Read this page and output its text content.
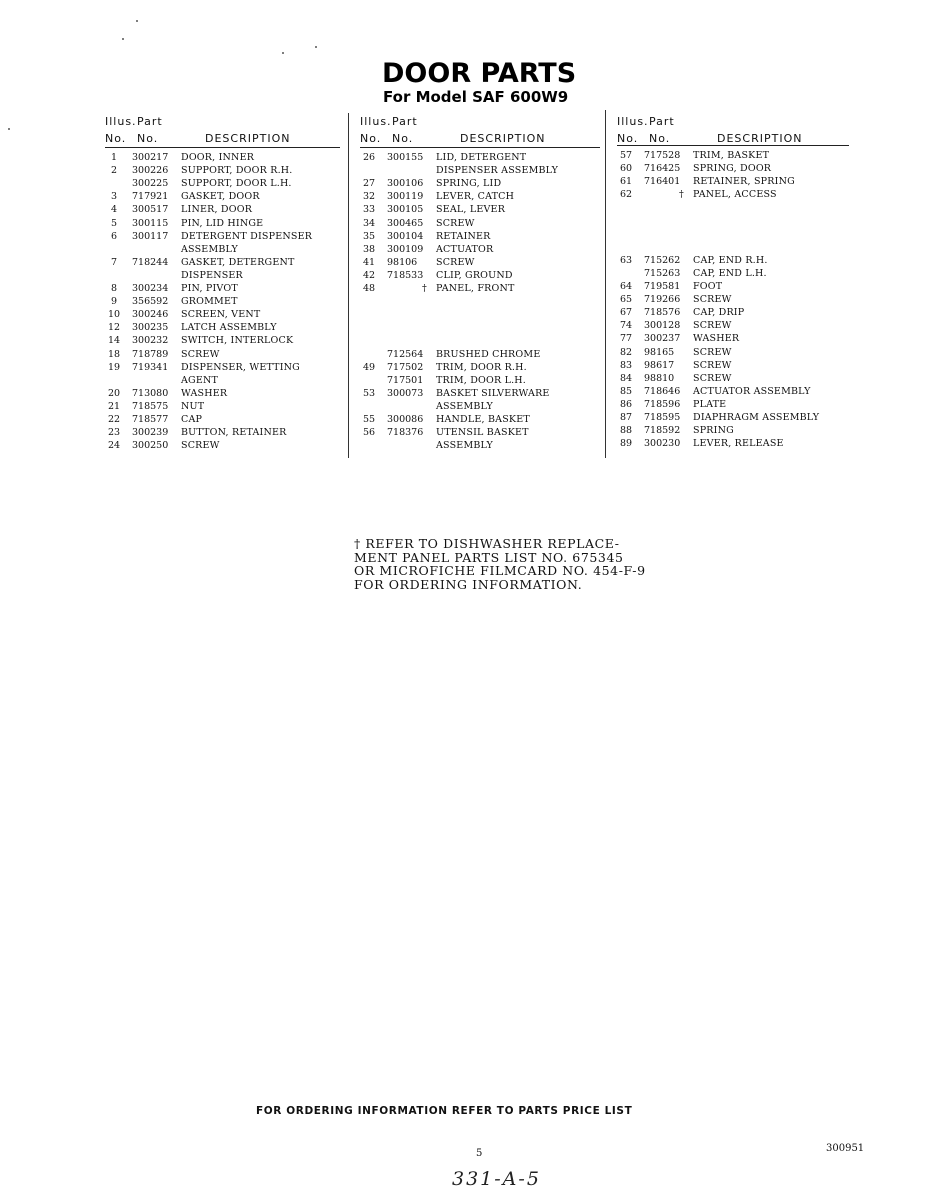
DOOR PARTS
For Model SAF 600W9
Illus. Part
No. No.	DESCRIPTION
1	300217 DOOR, INNER
2	300226 SUPPORT, DOOR R.H.
300225 SUPPORT, DOOR L.H.
3	717921 GASKET, DOOR
4	300517 LINER, DOOR
5	300115 PIN, LID HINGE
6	300117 DETERGENT DISPENSER
ASSEMBLY
7	718244 GASKET, DETERGENT
DISPENSER
8	300234 PIN, PIVOT
9	356592 GROMMET
10	300246 SCREEN, VENT
12	300235 LATCH ASSEMBLY
14	300232 SWITCH, INTERLOCK
18	718789 SCREW
19	719341 DISPENSER, WETTING
AGENT
20	713080 WASHER
21	718575 NUT
22	718577 CAP
23	300239 BUTTON, RETAINER
24	300250 SCREW
Illus. Part
No. No.	DESCRIPTION
26	300155 LID, DETERGENT
DISPENSER ASSEMBLY
27	300106 SPRING, LID
32	300119 LEVER, CATCH
33	300105 SEAL, LEVER
34	300465 SCREW
35	300104 RETAINER
38	300109 ACTUATOR
41	98106 SCREW
42	718533 CLIP, GROUND
48	† PANEL, FRONT
712564 BRUSHED CHROME
49	717502 TRIM, DOOR R.H.
717501 TRIM, DOOR L.H.
53	300073 BASKET SILVERWARE
ASSEMBLY
55	300086 HANDLE, BASKET
56	718376 UTENSIL BASKET
ASSEMBLY
Illus. Part
No. No.	DESCRIPTION
57	717528 TRIM, BASKET
60	716425 SPRING, DOOR
61	716401 RETAINER, SPRING
62	† PANEL, ACCESS
63	715262 CAP, END R.H.
715263 CAP, END L.H.
64	719581 FOOT
65	719266 SCREW
67	718576 CAP, DRIP
74	300128 SCREW
77	300237 WASHER
82	98165 SCREW
83	98617 SCREW
84	98810 SCREW
85	718646 ACTUATOR ASSEMBLY
86	718596 PLATE
87	718595 DIAPHRAGM ASSEMBLY
88	718592 SPRING
89	300230 LEVER, RELEASE
† REFER TO DISHWASHER REPLACE-
MENT PANEL PARTS LIST NO. 675345
OR MICROFICHE FILMCARD NO. 454-F-9
FOR ORDERING INFORMATION.
FOR ORDERING INFORMATION REFER TO PARTS PRICE LIST
5	300951
331-A-5
